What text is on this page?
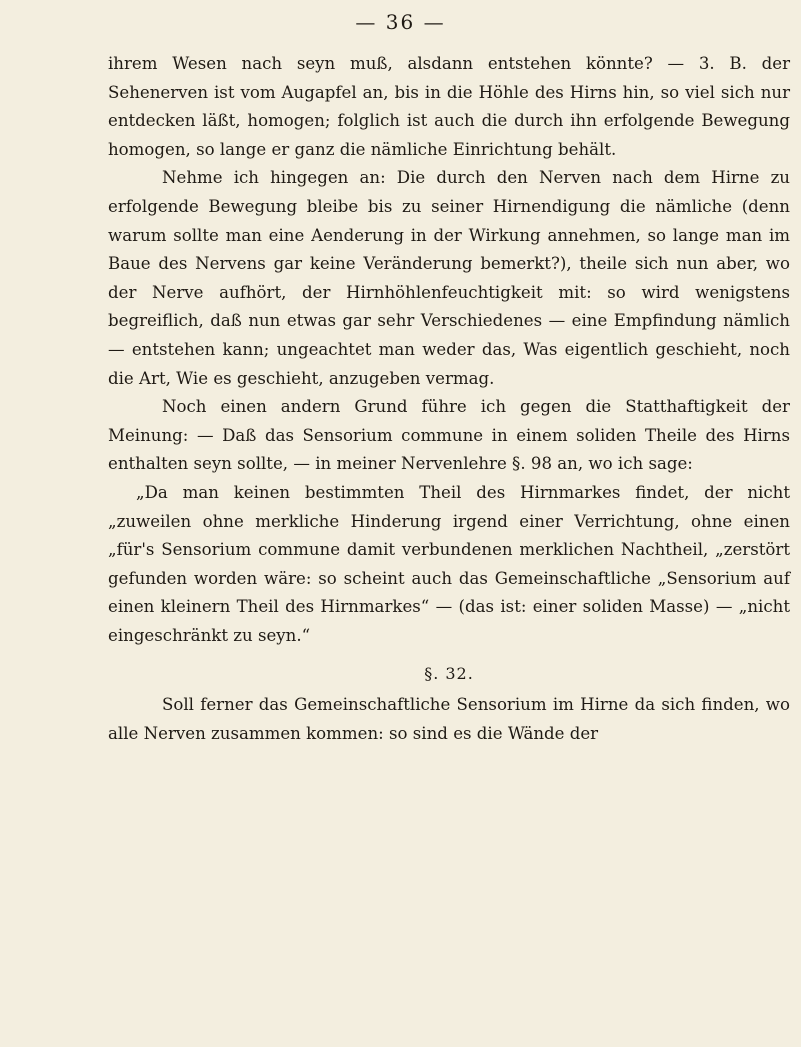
— 36 —

ihrem Wesen nach seyn muß, alsdann entstehen könnte? — 3. B. der Sehenerven ist vom Augapfel an, bis in die Höhle des Hirns hin, so viel sich nur entdecken läßt, homogen; folglich ist auch die durch ihn erfolgende Bewegung homogen, so lange er ganz die nämliche Einrichtung behält.

Nehme ich hingegen an: Die durch den Nerven nach dem Hirne zu erfolgende Bewegung bleibe bis zu seiner Hirnendigung die nämliche (denn warum sollte man eine Aenderung in der Wirkung annehmen, so lange man im Baue des Nervens gar keine Veränderung bemerkt?), theile sich nun aber, wo der Nerve aufhört, der Hirnhöhlenfeuchtigkeit mit: so wird wenigstens begreiflich, daß nun etwas gar sehr Verschiedenes — eine Empfindung nämlich — entstehen kann; ungeachtet man weder das, Was eigentlich geschieht, noch die Art, Wie es geschieht, anzugeben vermag.

Noch einen andern Grund führe ich gegen die Statthaftigkeit der Meinung: — Daß das Sensorium commune in einem soliden Theile des Hirns enthalten seyn sollte, — in meiner Nervenlehre §. 98 an, wo ich sage:

„Da man keinen bestimmten Theil des Hirnmarkes findet, der nicht „zuweilen ohne merkliche Hinderung irgend einer Verrichtung, ohne einen „für's Sensorium commune damit verbundenen merklichen Nachtheil, „zerstört gefunden worden wäre: so scheint auch das Gemeinschaftliche „Sensorium auf einen kleinern Theil des Hirnmarkes“ — (das ist: einer soliden Masse) — „nicht eingeschränkt zu seyn.“

§. 32.

Soll ferner das Gemeinschaftliche Sensorium im Hirne da sich finden, wo alle Nerven zusammen kommen: so sind es die Wände der
